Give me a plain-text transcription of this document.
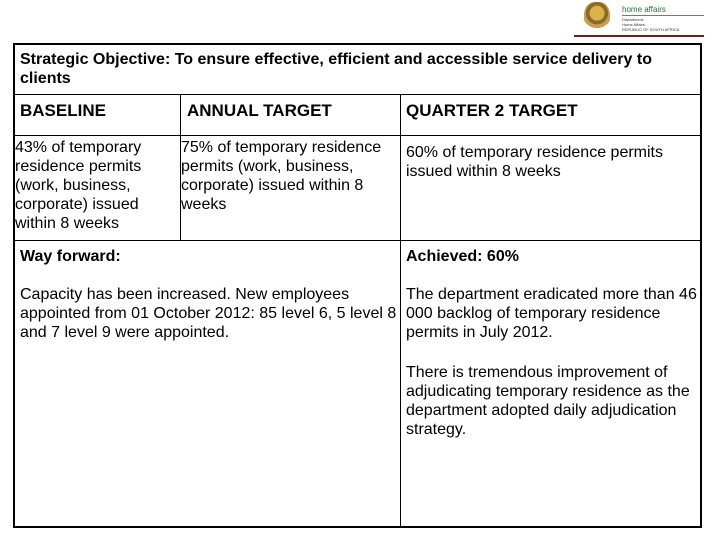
home affairs
Department:
Home Affairs
REPUBLIC OF SOUTH AFRICA
Strategic Objective: To ensure effective, efficient and accessible service delivery to clients
BASELINE	ANNUAL TARGET	QUARTER 2 TARGET
43% of temporary residence permits (work, business, corporate) issued within 8 weeks
75% of temporary residence permits (work, business, corporate) issued within 8 weeks
60% of temporary residence permits issued within 8 weeks
Way forward:
Capacity has been increased. New employees appointed from 01 October 2012: 85 level 6, 5 level 8 and 7 level 9 were appointed.
Achieved: 60%
The department eradicated more than 46 000 backlog of temporary residence permits in July 2012.
There is tremendous improvement of adjudicating temporary residence as the department adopted daily adjudication strategy.
